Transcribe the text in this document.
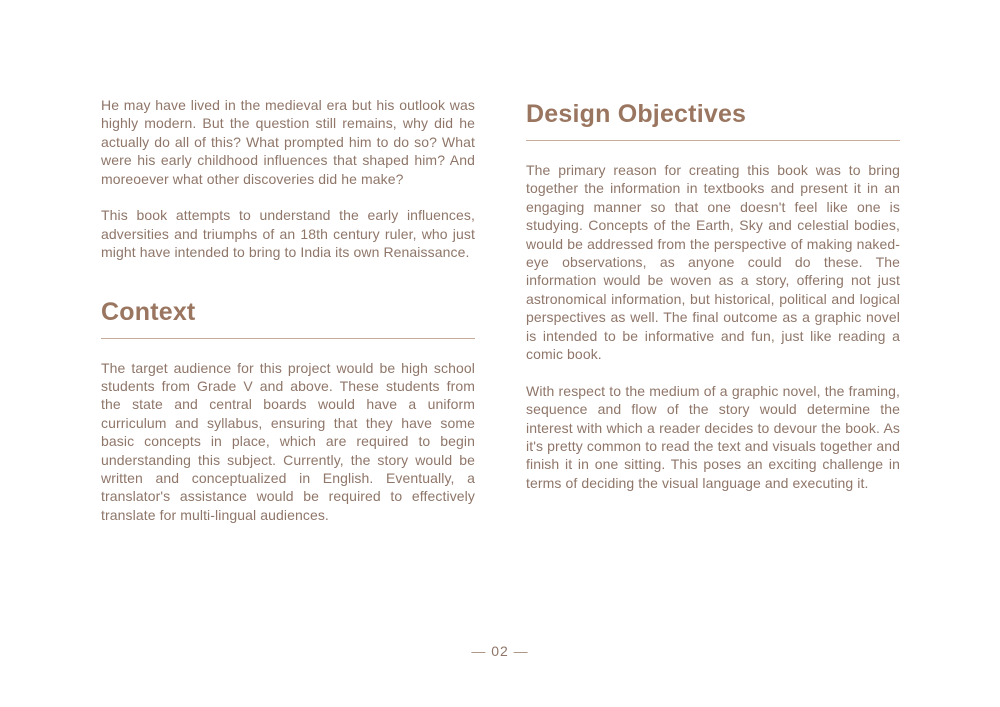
He may have lived in the medieval era but his outlook was highly modern. But the question still remains, why did he actually do all of this? What prompted him to do so? What were his early childhood influences that shaped him? And moreoever what other discoveries did he make?

This book attempts to understand the early influences, adversities and triumphs of an 18th century ruler, who just might have intended to bring to India its own Renaissance.

Context

The target audience for this project would be high school students from Grade V and above. These students from the state and central boards would have a uniform curriculum and syllabus, ensuring that they have some basic concepts in place, which are required to begin understanding this subject. Currently, the story would be written and conceptualized in English. Eventually, a translator's assistance would be required to effectively translate for multi-lingual audiences.

Design Objectives

The primary reason for creating this book was to bring together the information in textbooks and present it in an engaging manner so that one doesn't feel like one is studying. Concepts of the Earth, Sky and celestial bodies, would be addressed from the perspective of making naked-eye observations, as anyone could do these. The information would be woven as a story, offering not just astronomical information, but historical, political and logical perspectives as well. The final outcome as a graphic novel is intended to be informative and fun, just like reading a comic book.

With respect to the medium of a graphic novel, the framing, sequence and flow of the story would determine the interest with which a reader decides to devour the book. As it's pretty common to read the text and visuals together and finish it in one sitting. This poses an exciting challenge in terms of deciding the visual language and executing it.

— 02 —
